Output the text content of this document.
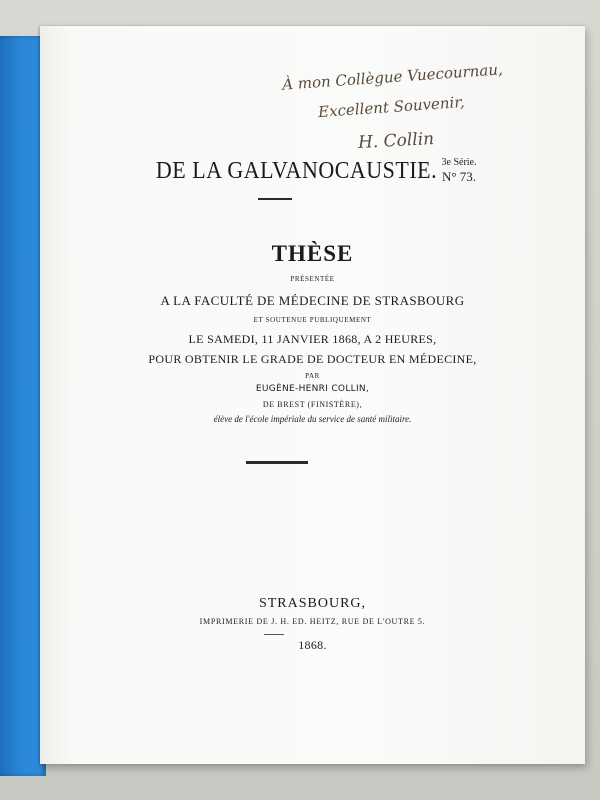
—
À mon Collègue Vuecournau,
Excellent Souvenir,
H. Collin
DE LA GALVANOCAUSTIE. 3e Série.
N° 73.
THÈSE
PRÉSENTÉE
A LA FACULTÉ DE MÉDECINE DE STRASBOURG
ET SOUTENUE PUBLIQUEMENT
LE SAMEDI, 11 JANVIER 1868, A 2 HEURES,
POUR OBTENIR LE GRADE DE DOCTEUR EN MÉDECINE,
PAR
EUGÈNE-HENRI COLLIN,
DE BREST (FINISTÈRE),
élève de l'école impériale du service de santé militaire.
STRASBOURG,
IMPRIMERIE DE J. H. ED. HEITZ, RUE DE L'OUTRE 5.
1868.
